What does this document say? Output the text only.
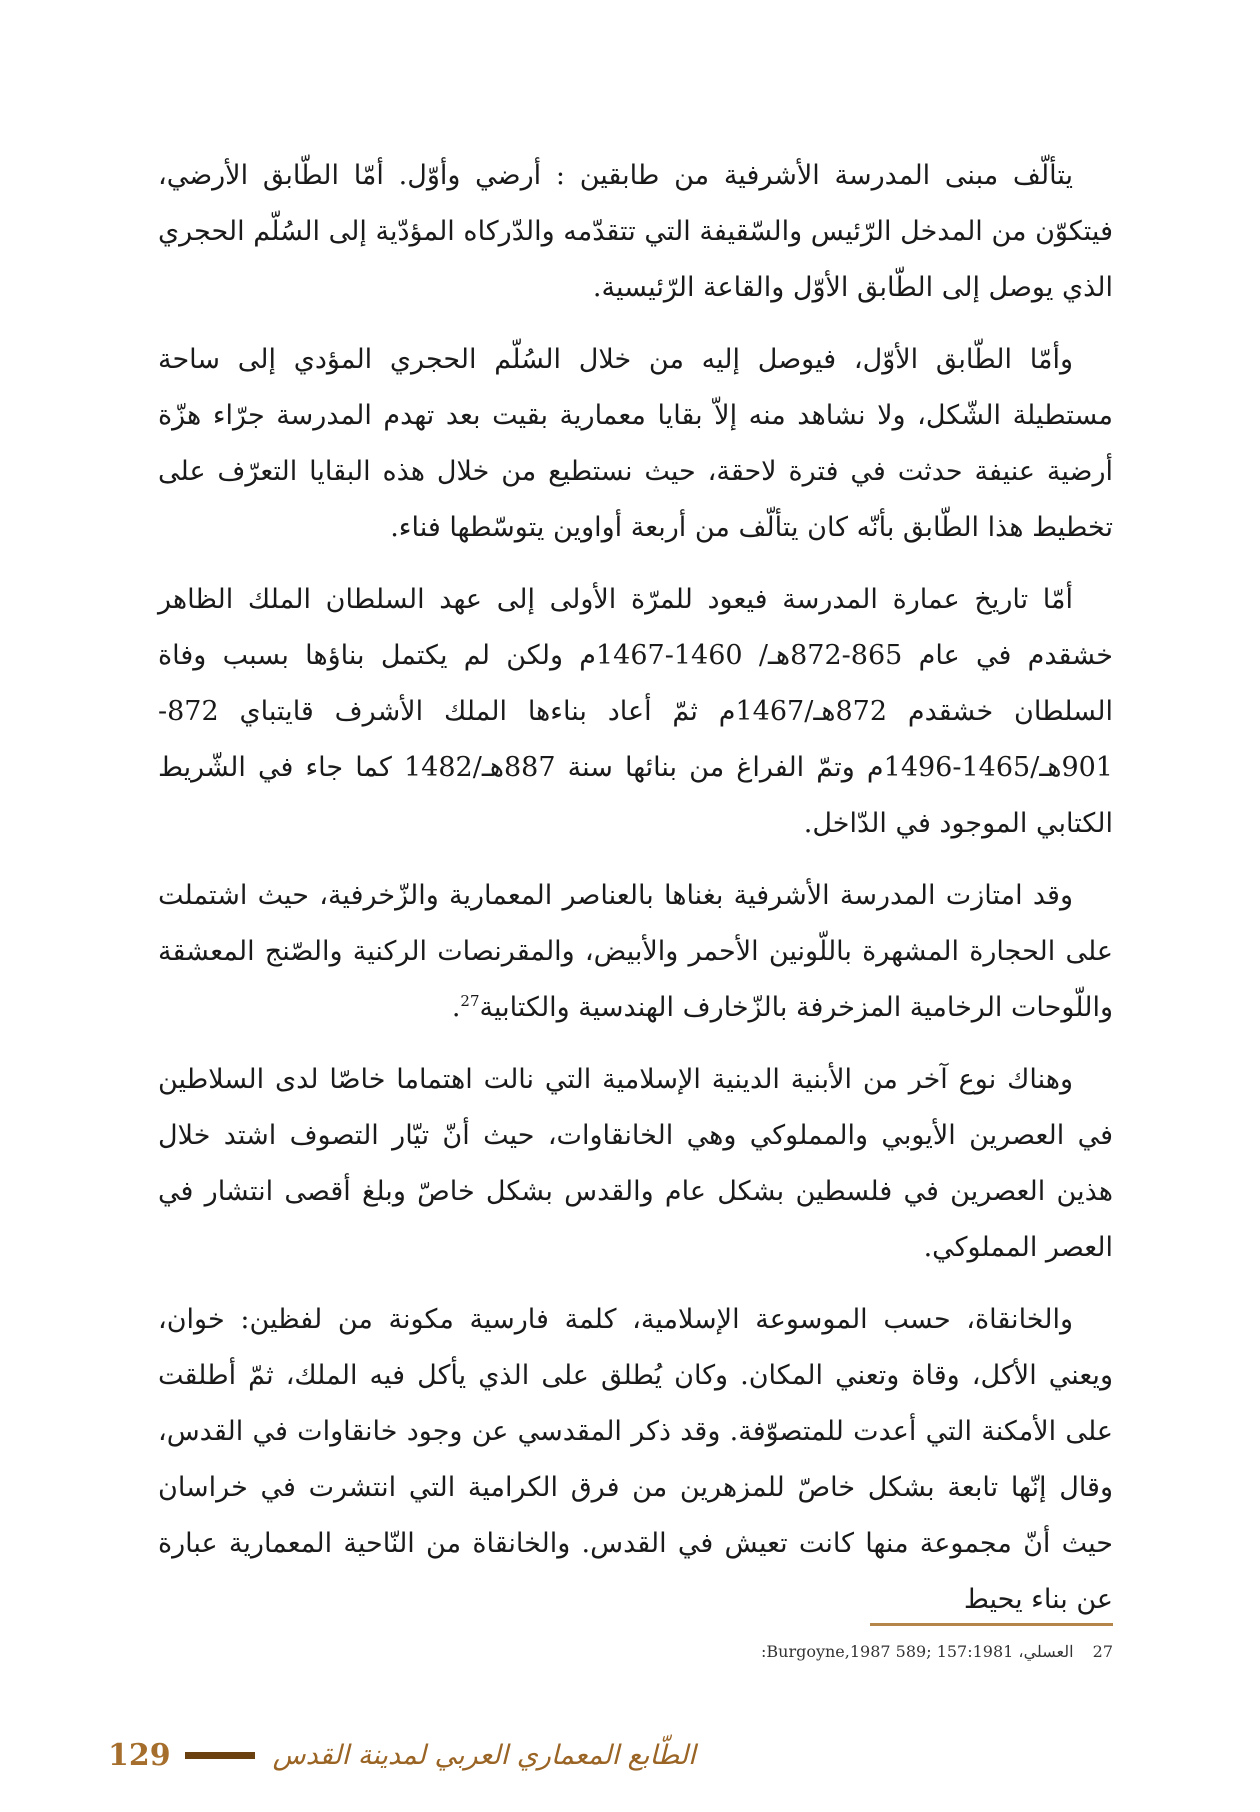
يتألّف مبنى المدرسة الأشرفية من طابقين : أرضي وأوّل. أمّا الطّابق الأرضي، فيتكوّن من المدخل الرّئيس والسّقيفة التي تتقدّمه والدّركاه المؤدّية إلى السُلّم الحجري الذي يوصل إلى الطّابق الأوّل والقاعة الرّئيسية.

وأمّا الطّابق الأوّل، فيوصل إليه من خلال السُلّم الحجري المؤدي إلى ساحة مستطيلة الشّكل، ولا نشاهد منه إلاّ بقايا معمارية بقيت بعد تهدم المدرسة جرّاء هزّة أرضية عنيفة حدثت في فترة لاحقة، حيث نستطيع من خلال هذه البقايا التعرّف على تخطيط هذا الطّابق بأنّه كان يتألّف من أربعة أواوين يتوسّطها فناء.

أمّا تاريخ عمارة المدرسة فيعود للمرّة الأولى إلى عهد السلطان الملك الظاهر خشقدم في عام 865-872هـ/ 1460-1467م ولكن لم يكتمل بناؤها بسبب وفاة السلطان خشقدم 872هـ/1467م ثمّ أعاد بناءها الملك الأشرف قايتباي 872-901هـ/1465-1496م وتمّ الفراغ من بنائها سنة 887هـ/1482 كما جاء في الشّريط الكتابي الموجود في الدّاخل.

وقد امتازت المدرسة الأشرفية بغناها بالعناصر المعمارية والزّخرفية، حيث اشتملت على الحجارة المشهرة باللّونين الأحمر والأبيض، والمقرنصات الركنية والصّنج المعشقة واللّوحات الرخامية المزخرفة بالزّخارف الهندسية والكتابية$^{27}$.

وهناك نوع آخر من الأبنية الدينية الإسلامية التي نالت اهتماما خاصّا لدى السلاطين في العصرين الأيوبي والمملوكي وهي الخانقاوات، حيث أنّ تيّار التصوف اشتد خلال هذين العصرين في فلسطين بشكل عام والقدس بشكل خاصّ وبلغ أقصى انتشار في العصر المملوكي.

والخانقاة، حسب الموسوعة الإسلامية، كلمة فارسية مكونة من لفظين: خوان، ويعني الأكل، وقاة وتعني المكان. وكان يُطلق على الذي يأكل فيه الملك، ثمّ أطلقت على الأمكنة التي أعدت للمتصوّفة. وقد ذكر المقدسي عن وجود خانقاوات في القدس، وقال إنّها تابعة بشكل خاصّ للمزهرين من فرق الكرامية التي انتشرت في خراسان حيث أنّ مجموعة منها كانت تعيش في القدس. والخانقاة من النّاحية المعمارية عبارة عن بناء يحيط

27 العسلي، 157:1981 ;Burgoyne,1987 589:
129	الطّابع المعماري العربي لمدينة القدس
